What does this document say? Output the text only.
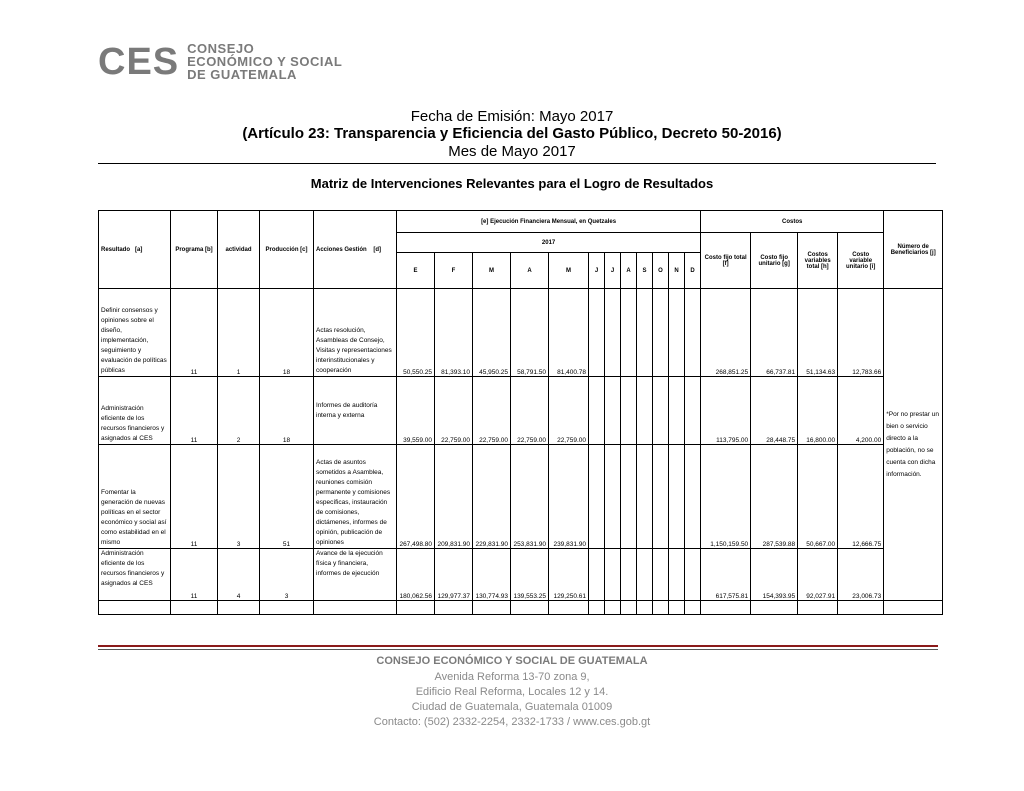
CES CONSEJO
ECONÓMICO Y SOCIAL
DE GUATEMALA
Fecha de Emisión: Mayo 2017
(Artículo 23: Transparencia y Eficiencia del Gasto Público, Decreto 50-2016)
Mes de Mayo 2017
Matriz de Intervenciones Relevantes para el Logro de Resultados
Resultado [a]	Programa [b]	actividad	Producción [c]	Acciones Gestión [d]	[e] Ejecución Financiera Mensual, en Quetzales												Costos				Número de Beneficiarios [j]
					2017												Costo fijo total [f]	Costo fijo unitario [g]	Costos variables total [h]	Costo variable unitario [i]	
					E	F	M	A	M	J	J	A	S	O	N	D					
Definir consensos y opiniones sobre el diseño, implementación, seguimiento y evaluación de políticas públicas	11	1	18	Actas resolución, Asambleas de Consejo, Visitas y representaciones interinstitucionales y cooperación	50,550.25	81,393.10	45,950.25	58,791.50	81,400.78								268,851.25	66,737.81	51,134.63	12,783.66	*Por no prestar un bien o servicio directo a la población, no se cuenta con dicha información.
Administración eficiente de los recursos financieros y asignados al CES	11	2	18	Informes de auditoría interna y externa	39,559.00	22,759.00	22,759.00	22,759.00	22,759.00								113,795.00	28,448.75	16,800.00	4,200.00	
Fomentar la generación de nuevas políticas en el sector económico y social así como estabilidad en el mismo	11	3	51	Actas de asuntos sometidos a Asamblea, reuniones comisión permanente y comisiones específicas, instauración de comisiones, dictámenes, informes de opinión, publicación de opiniones	267,498.80	209,831.90	229,831.90	253,831.90	239,831.90								1,150,159.50	287,539.88	50,667.00	12,666.75	
Administración eficiente de los recursos financieros y asignados al CES	11	4	3	Avance de la ejecución física y financiera, informes de ejecución	180,062.56	129,977.37	130,774.93	139,553.25	129,250.61								617,575.81	154,393.95	92,027.91	23,006.73	

CONSEJO ECONÓMICO Y SOCIAL DE GUATEMALA
Avenida Reforma 13-70 zona 9,
Edificio Real Reforma, Locales 12 y 14.
Ciudad de Guatemala, Guatemala 01009
Contacto: (502) 2332-2254, 2332-1733 / www.ces.gob.gt
